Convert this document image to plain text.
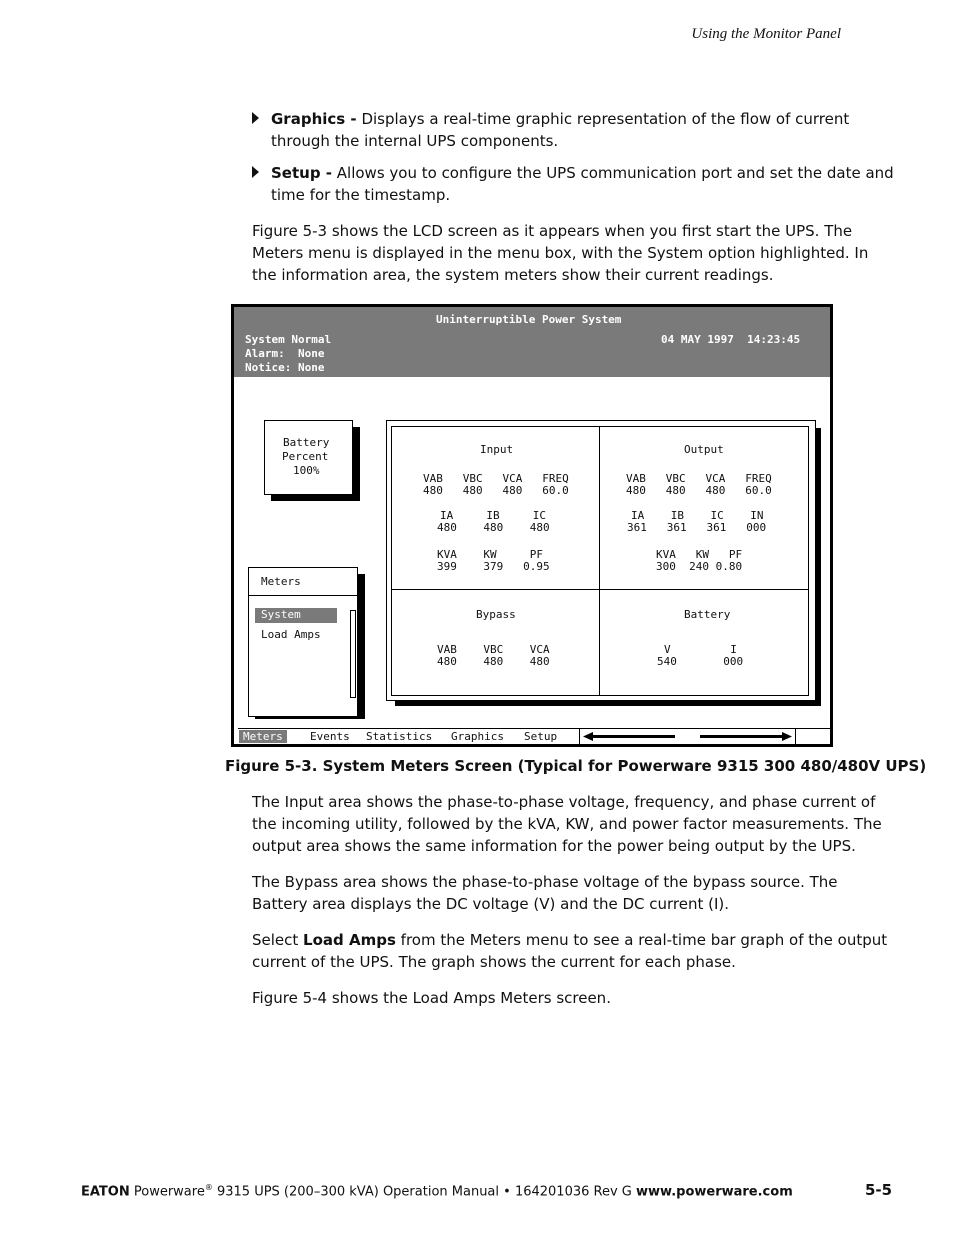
Using the Monitor Panel
Graphics - Displays a real-time graphic representation of the flow of current through the internal UPS components.
Setup - Allows you to configure the UPS communication port and set the date and time for the timestamp.
Figure 5-3 shows the LCD screen as it appears when you first start the UPS. The Meters menu is displayed in the menu box, with the System option highlighted. In the information area, the system meters show their current readings.
Uninterruptible Power System
System Normal
Alarm:  None
Notice: None
04 MAY 1997  14:23:45
Battery
Percent
100%
Meters
System
Load Amps
Input
VAB   VBC   VCA   FREQ
480   480   480   60.0
IA     IB     IC
480    480    480
KVA    KW     PF
399    379   0.95
Output
VAB   VBC   VCA   FREQ
480   480   480   60.0
IA    IB    IC    IN
361   361   361   000
KVA   KW   PF
300  240 0.80
Bypass
VAB    VBC    VCA
480    480    480
Battery
V         I
540       000
Meters	Events Statistics Graphics Setup
Figure 5-3. System Meters Screen (Typical for Powerware 9315 300 480/480V UPS)
The Input area shows the phase-to-phase voltage, frequency, and phase current of the incoming utility, followed by the kVA, KW, and power factor measurements. The output area shows the same information for the power being output by the UPS.
The Bypass area shows the phase-to-phase voltage of the bypass source. The Battery area displays the DC voltage (V) and the DC current (I).
Select Load Amps from the Meters menu to see a real-time bar graph of the output current of the UPS. The graph shows the current for each phase.
Figure 5-4 shows the Load Amps Meters screen.
EATON Powerware® 9315 UPS (200–300 kVA) Operation Manual • 164201036 Rev G www.powerware.com	5-5
